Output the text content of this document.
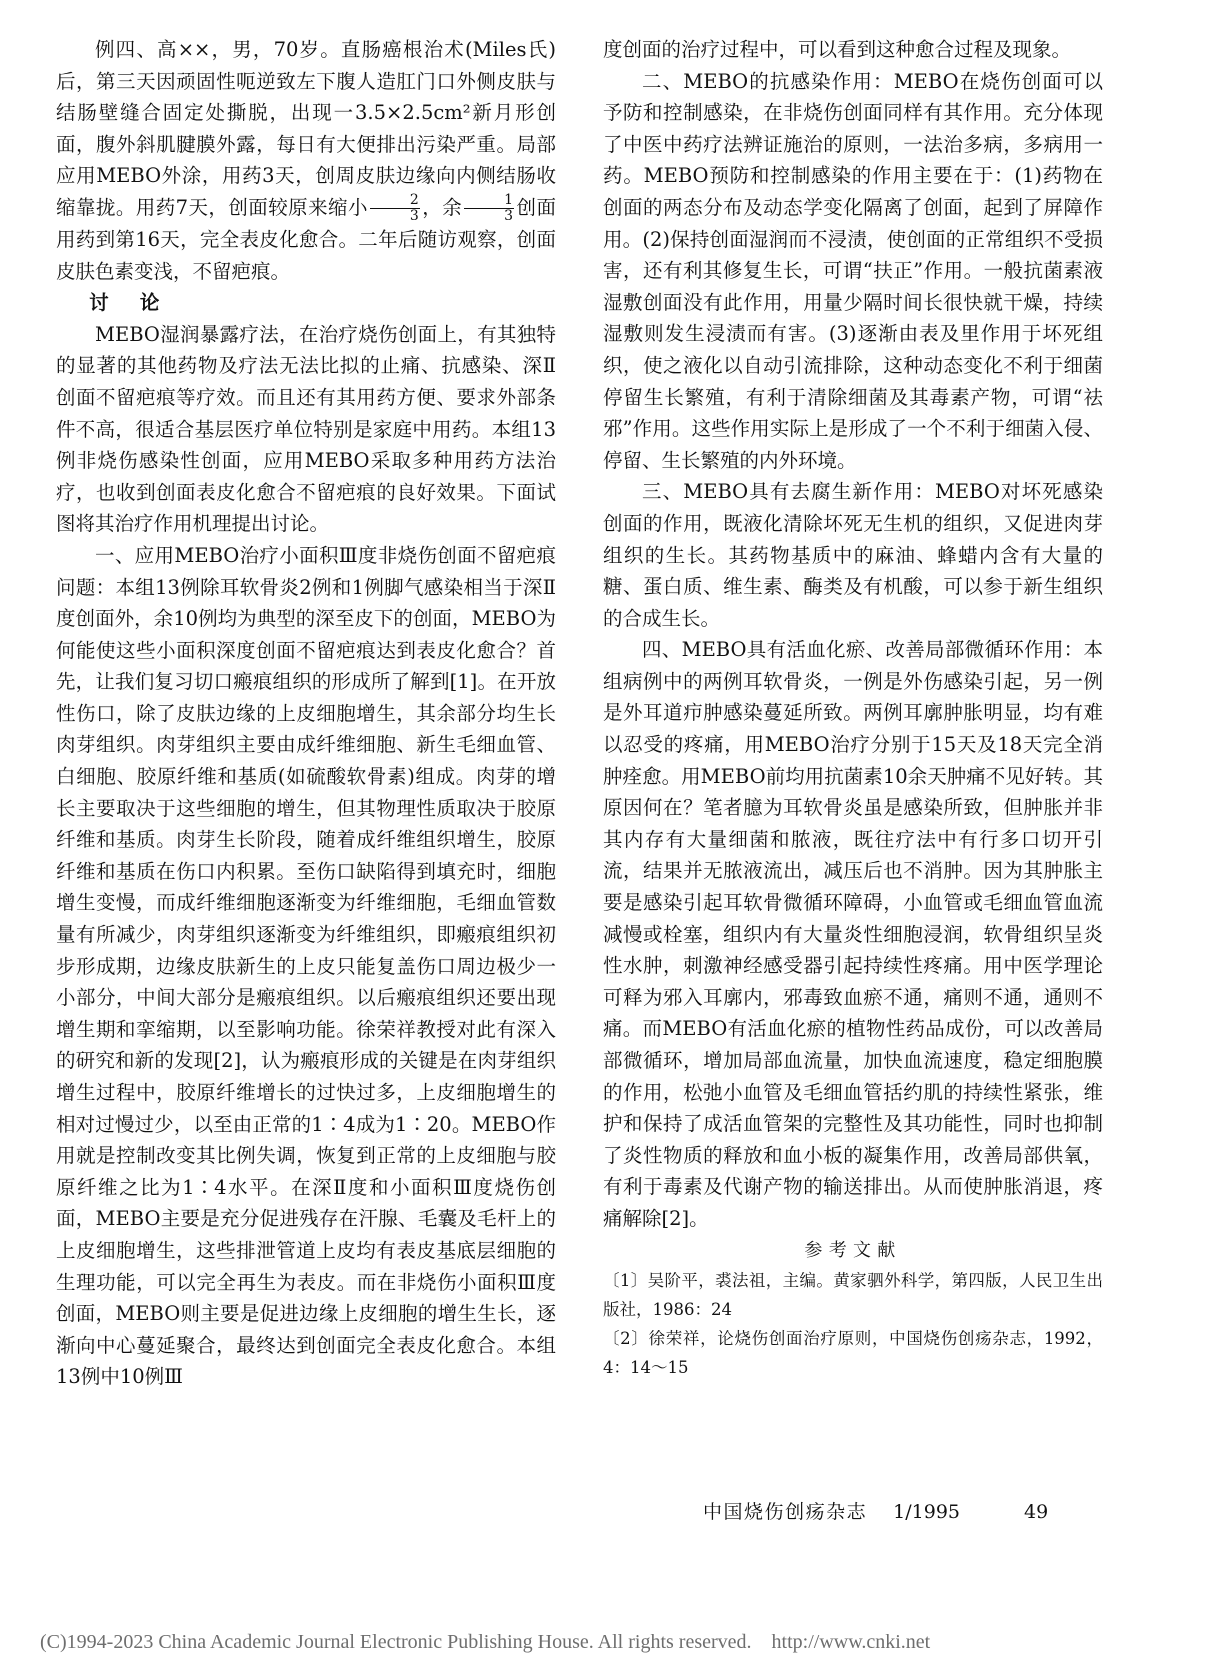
例四、高××，男，70岁。直肠癌根治术(Miles氏)后，第三天因顽固性呃逆致左下腹人造肛门口外侧皮肤与结肠壁缝合固定处撕脱，出现一3.5×2.5cm²新月形创面，腹外斜肌腱膜外露，每日有大便排出污染严重。局部应用MEBO外涂，用药3天，创周皮肤边缘向内侧结肠收缩靠拢。用药7天，创面较原来缩小 $\frac{2}{3}$ ，余 $\frac{1}{3}$ 创面用药到第16天，完全表皮化愈合。二年后随访观察，创面皮肤色素变浅，不留疤痕。

讨论

MEBO湿润暴露疗法，在治疗烧伤创面上，有其独特的显著的其他药物及疗法无法比拟的止痛、抗感染、深Ⅱ创面不留疤痕等疗效。而且还有其用药方便、要求外部条件不高，很适合基层医疗单位特别是家庭中用药。本组13例非烧伤感染性创面，应用MEBO采取多种用药方法治疗，也收到创面表皮化愈合不留疤痕的良好效果。下面试图将其治疗作用机理提出讨论。

一、应用MEBO治疗小面积Ⅲ度非烧伤创面不留疤痕问题：本组13例除耳软骨炎2例和1例脚气感染相当于深Ⅱ度创面外，余10例均为典型的深至皮下的创面，MEBO为何能使这些小面积深度创面不留疤痕达到表皮化愈合？首先，让我们复习切口瘢痕组织的形成所了解到[1]。在开放性伤口，除了皮肤边缘的上皮细胞增生，其余部分均生长肉芽组织。肉芽组织主要由成纤维细胞、新生毛细血管、白细胞、胶原纤维和基质(如硫酸软骨素)组成。肉芽的增长主要取决于这些细胞的增生，但其物理性质取决于胶原纤维和基质。肉芽生长阶段，随着成纤维组织增生，胶原纤维和基质在伤口内积累。至伤口缺陷得到填充时，细胞增生变慢，而成纤维细胞逐渐变为纤维细胞，毛细血管数量有所减少，肉芽组织逐渐变为纤维组织，即瘢痕组织初步形成期，边缘皮肤新生的上皮只能复盖伤口周边极少一小部分，中间大部分是瘢痕组织。以后瘢痕组织还要出现增生期和挛缩期，以至影响功能。徐荣祥教授对此有深入的研究和新的发现[2]，认为瘢痕形成的关键是在肉芽组织增生过程中，胶原纤维增长的过快过多，上皮细胞增生的相对过慢过少，以至由正常的1∶4成为1∶20。MEBO作用就是控制改变其比例失调，恢复到正常的上皮细胞与胶原纤维之比为1∶4水平。在深Ⅱ度和小面积Ⅲ度烧伤创面，MEBO主要是充分促进残存在汗腺、毛囊及毛杆上的上皮细胞增生，这些排泄管道上皮均有表皮基底层细胞的生理功能，可以完全再生为表皮。而在非烧伤小面积Ⅲ度创面，MEBO则主要是促进边缘上皮细胞的增生生长，逐渐向中心蔓延聚合，最终达到创面完全表皮化愈合。本组13例中10例Ⅲ

度创面的治疗过程中，可以看到这种愈合过程及现象。

二、MEBO的抗感染作用：MEBO在烧伤创面可以予防和控制感染，在非烧伤创面同样有其作用。充分体现了中医中药疗法辨证施治的原则，一法治多病，多病用一药。MEBO预防和控制感染的作用主要在于：(1)药物在创面的两态分布及动态学变化隔离了创面，起到了屏障作用。(2)保持创面湿润而不浸渍，使创面的正常组织不受损害，还有利其修复生长，可谓“扶正”作用。一般抗菌素液湿敷创面没有此作用，用量少隔时间长很快就干燥，持续湿敷则发生浸渍而有害。(3)逐渐由表及里作用于坏死组织，使之液化以自动引流排除，这种动态变化不利于细菌停留生长繁殖，有利于清除细菌及其毒素产物，可谓“祛邪”作用。这些作用实际上是形成了一个不利于细菌入侵、停留、生长繁殖的内外环境。

三、MEBO具有去腐生新作用：MEBO对坏死感染创面的作用，既液化清除坏死无生机的组织，又促进肉芽组织的生长。其药物基质中的麻油、蜂蜡内含有大量的糖、蛋白质、维生素、酶类及有机酸，可以参于新生组织的合成生长。

四、MEBO具有活血化瘀、改善局部微循环作用：本组病例中的两例耳软骨炎，一例是外伤感染引起，另一例是外耳道疖肿感染蔓延所致。两例耳廓肿胀明显，均有难以忍受的疼痛，用MEBO治疗分别于15天及18天完全消肿痊愈。用MEBO前均用抗菌素10余天肿痛不见好转。其原因何在？笔者臆为耳软骨炎虽是感染所致，但肿胀并非其内存有大量细菌和脓液，既往疗法中有行多口切开引流，结果并无脓液流出，减压后也不消肿。因为其肿胀主要是感染引起耳软骨微循环障碍，小血管或毛细血管血流减慢或栓塞，组织内有大量炎性细胞浸润，软骨组织呈炎性水肿，刺激神经感受器引起持续性疼痛。用中医学理论可释为邪入耳廓内，邪毒致血瘀不通，痛则不通，通则不痛。而MEBO有活血化瘀的植物性药品成份，可以改善局部微循环，增加局部血流量，加快血流速度，稳定细胞膜的作用，松弛小血管及毛细血管括约肌的持续性紧张，维护和保持了成活血管架的完整性及其功能性，同时也抑制了炎性物质的释放和血小板的凝集作用，改善局部供氧，有利于毒素及代谢产物的输送排出。从而使肿胀消退，疼痛解除[2]。

参考文献

〔1〕吴阶平，裘法祖，主编。黄家驷外科学，第四版，人民卫生出版社，1986：24

〔2〕徐荣祥，论烧伤创面治疗原则，中国烧伤创疡杂志，1992，4：14～15

中国烧伤创疡杂志 1/1995	49
(C)1994-2023 China Academic Journal Electronic Publishing House. All rights reserved. http://www.cnki.net
